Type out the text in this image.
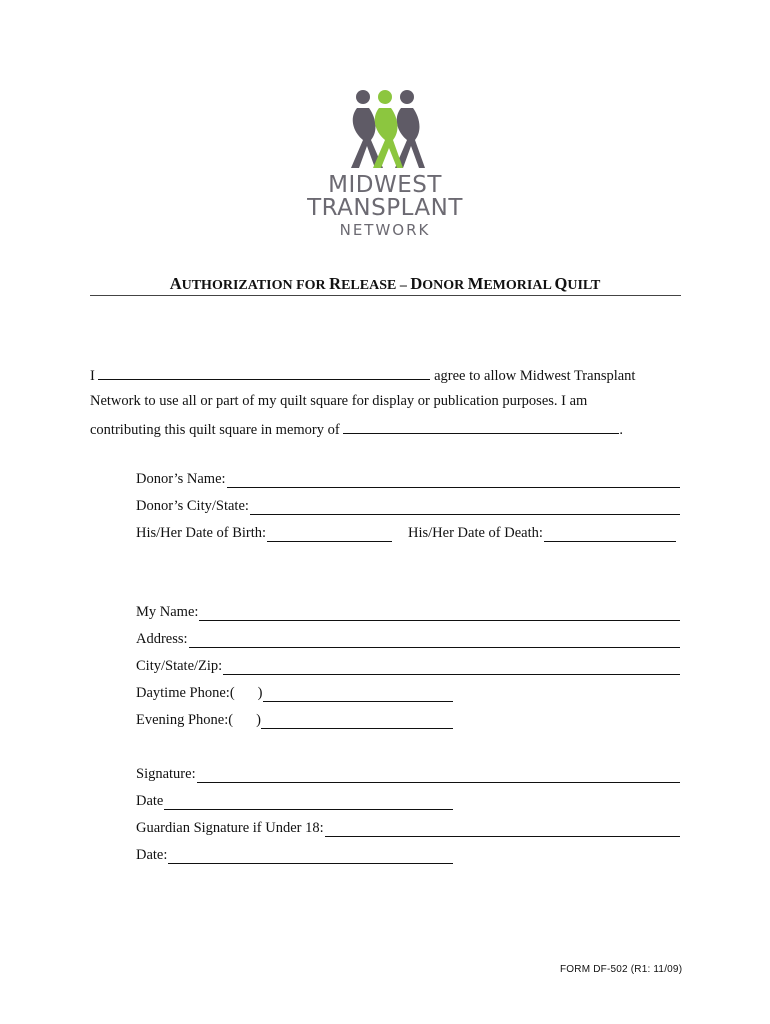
MIDWEST
TRANSPLANT
NETWORK
AUTHORIZATION FOR RELEASE – DONOR MEMORIAL QUILT
I	agree to allow Midwest Transplant
Network to use all or part of my quilt square for display or publication purposes. I am
contributing this quilt square in memory of	.
Donor’s Name:
Donor’s City/State:
His/Her Date of Birth:	His/Her Date of Death:
My Name:
Address:
City/State/Zip:
Daytime Phone:( )
Evening Phone:( )
Signature:
Date
Guardian Signature if Under 18:
Date:
FORM DF-502 (R1: 11/09)
